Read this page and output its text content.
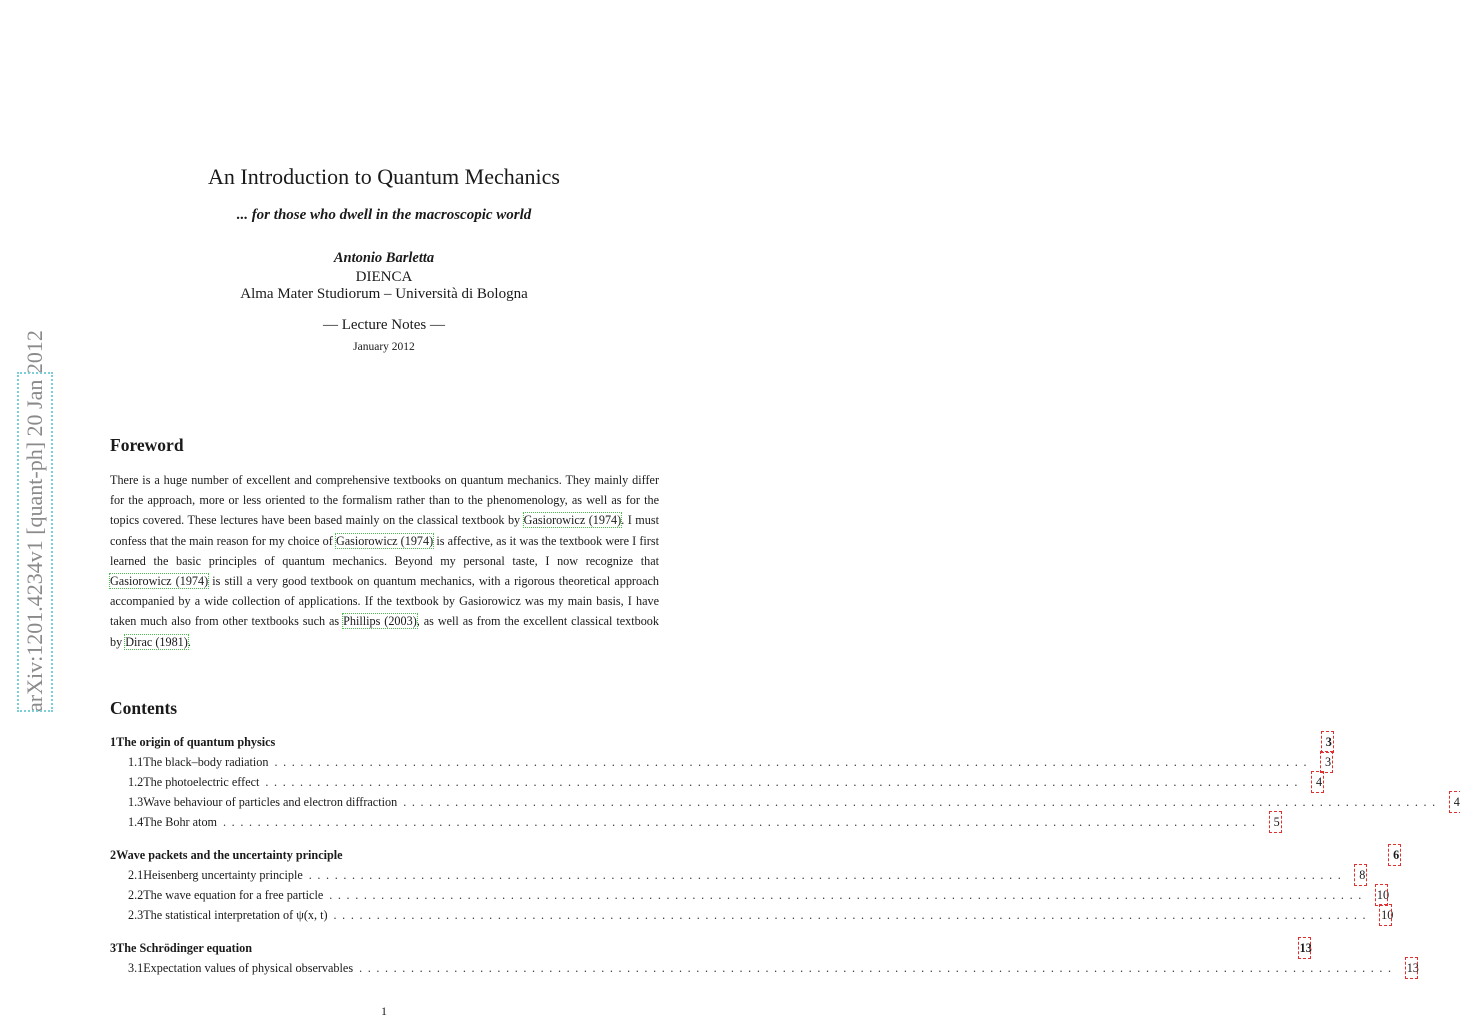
arXiv:1201.4234v1 [quant-ph] 20 Jan 2012
An Introduction to Quantum Mechanics
... for those who dwell in the macroscopic world
Antonio Barletta
DIENCA
Alma Mater Studiorum – Università di Bologna
— Lecture Notes —
January 2012
Foreword
There is a huge number of excellent and comprehensive textbooks on quantum mechanics. They mainly differ for the approach, more or less oriented to the formalism rather than to the phenomenology, as well as for the topics covered. These lectures have been based mainly on the classical textbook by Gasiorowicz (1974). I must confess that the main reason for my choice of Gasiorowicz (1974) is affective, as it was the textbook were I first learned the basic principles of quantum mechanics. Beyond my personal taste, I now recognize that Gasiorowicz (1974) is still a very good textbook on quantum mechanics, with a rigorous theoretical approach accompanied by a wide collection of applications. If the textbook by Gasiorowicz was my main basis, I have taken much also from other textbooks such as Phillips (2003), as well as from the excellent classical textbook by Dirac (1981).
Contents
1 The origin of quantum physics	3
1.1 The black–body radiation ........................................................................................................................ 3
1.2 The photoelectric effect ........................................................................................................................ 4
1.3 Wave behaviour of particles and electron diffraction ........................................................................................................................ 4
1.4 The Bohr atom ........................................................................................................................ 5
2 Wave packets and the uncertainty principle	6
2.1 Heisenberg uncertainty principle ........................................................................................................................ 8
2.2 The wave equation for a free particle ........................................................................................................................ 10
2.3 The statistical interpretation of ψ(x, t) ........................................................................................................................ 10
3 The Schrödinger equation	13
3.1 Expectation values of physical observables ........................................................................................................................ 13
1
